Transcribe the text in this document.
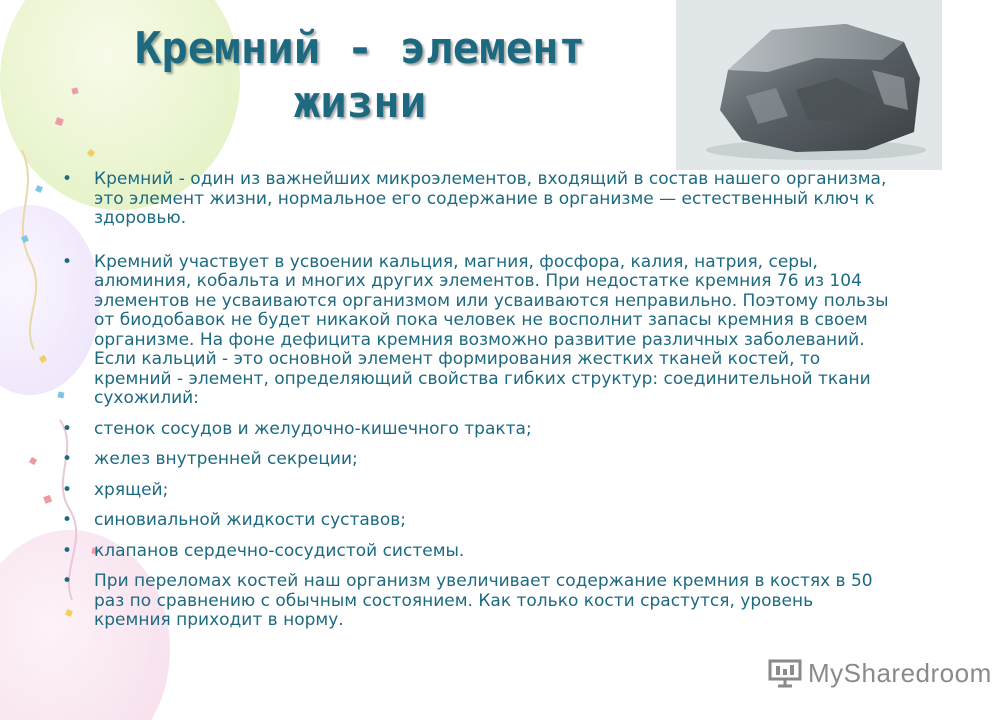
Кремний - элемент
жизни
• Кремний - один из важнейших микроэлементов, входящий в состав нашего организма, это элемент жизни, нормальное его содержание в организме — естественный ключ к здоровью.
• Кремний участвует в усвоении кальция, магния, фосфора, калия, натрия, серы, алюминия, кобальта и многих других элементов. При недостатке кремния 76 из 104 элементов не усваиваются организмом или усваиваются неправильно. Поэтому пользы от биодобавок не будет никакой пока человек не восполнит запасы кремния в своем организме. На фоне дефицита кремния возможно развитие различных заболеваний. Если кальций - это основной элемент формирования жестких тканей костей, то кремний - элемент, определяющий свойства гибких структур: соединительной ткани сухожилий:
• стенок сосудов и желудочно-кишечного тракта;
• желез внутренней секреции;
• хрящей;
• синовиальной жидкости суставов;
• клапанов сердечно-сосудистой системы.
• При переломах костей наш организм увеличивает содержание кремния в костях в 50 раз по сравнению с обычным состоянием. Как только кости срастутся, уровень кремния приходит в норму.
MySharedroom
